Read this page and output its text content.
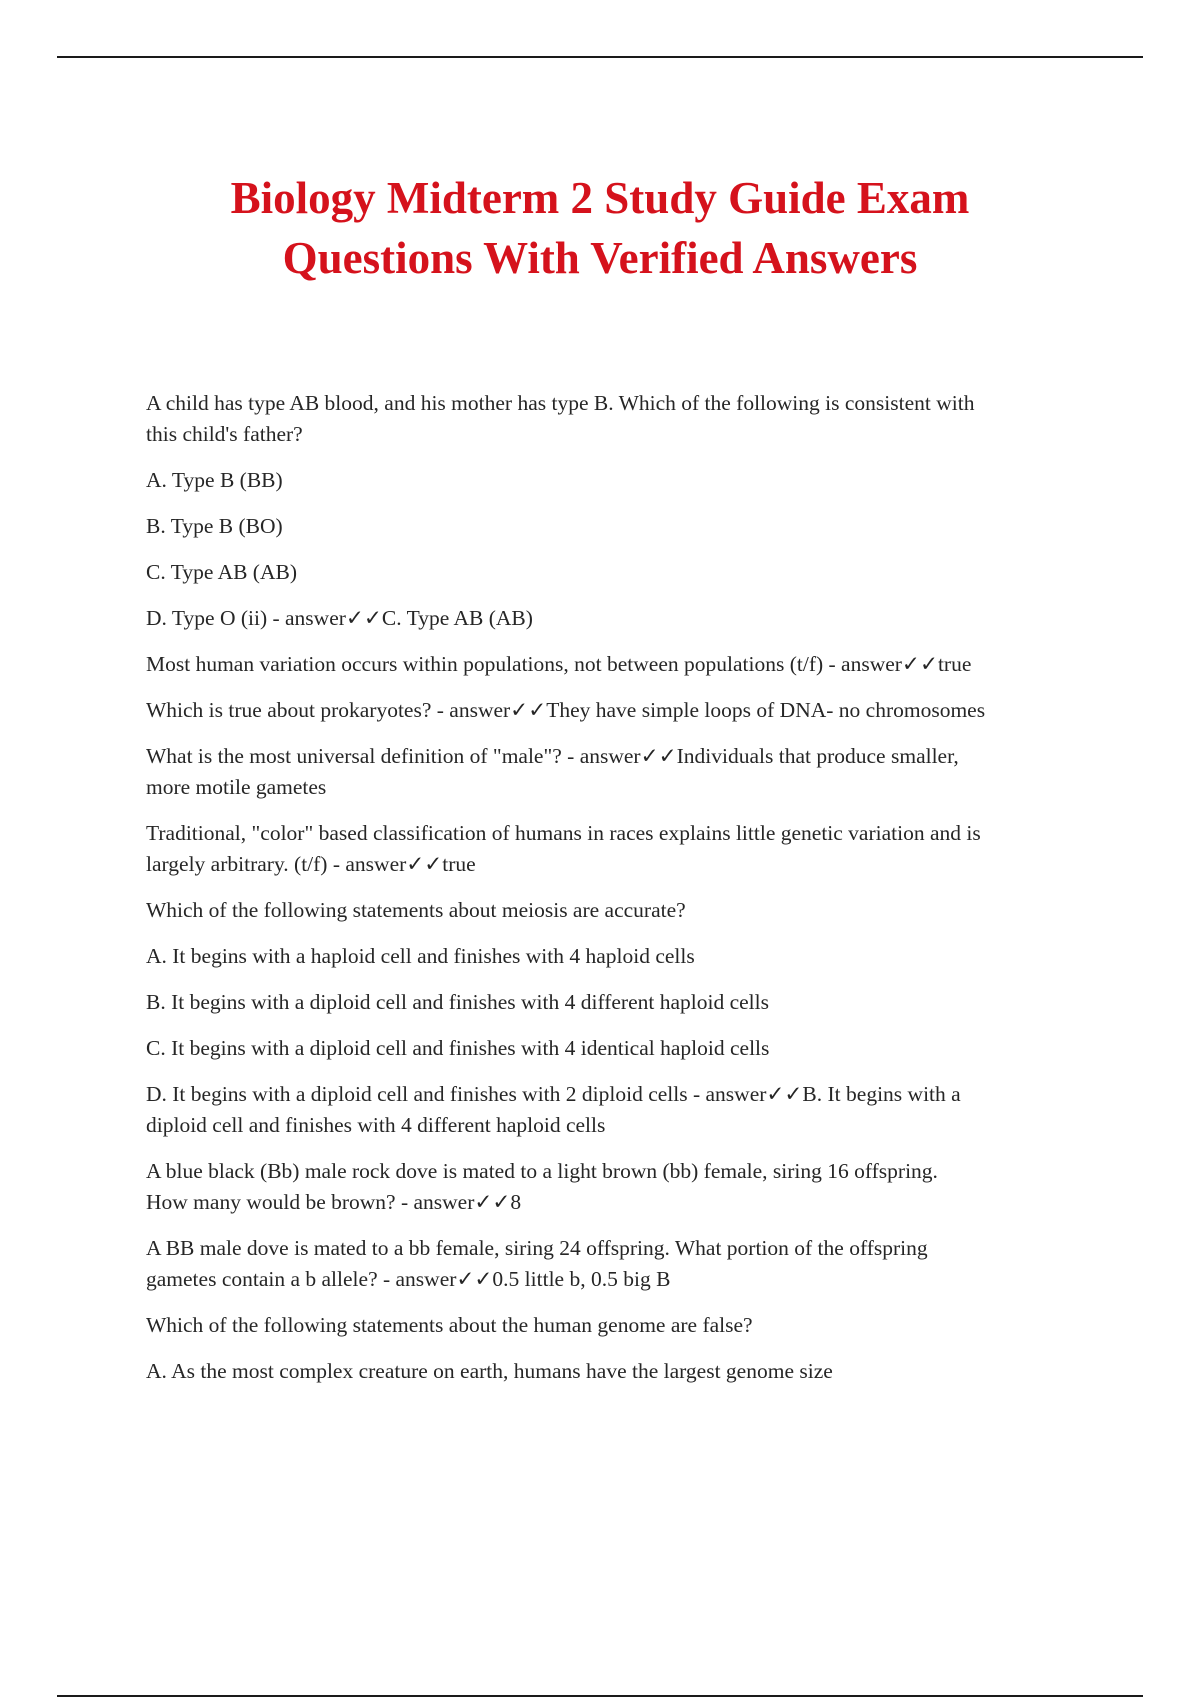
Biology Midterm 2 Study Guide Exam
Questions With Verified Answers
A child has type AB blood, and his mother has type B. Which of the following is consistent with
this child's father?
A. Type B (BB)
B. Type B (BO)
C. Type AB (AB)
D. Type O (ii) - answer✓✓C. Type AB (AB)
Most human variation occurs within populations, not between populations (t/f) - answer✓✓true
Which is true about prokaryotes? - answer✓✓They have simple loops of DNA- no chromosomes
What is the most universal definition of "male"? - answer✓✓Individuals that produce smaller,
more motile gametes
Traditional, "color" based classification of humans in races explains little genetic variation and is
largely arbitrary. (t/f) - answer✓✓true
Which of the following statements about meiosis are accurate?
A. It begins with a haploid cell and finishes with 4 haploid cells
B. It begins with a diploid cell and finishes with 4 different haploid cells
C. It begins with a diploid cell and finishes with 4 identical haploid cells
D. It begins with a diploid cell and finishes with 2 diploid cells - answer✓✓B. It begins with a
diploid cell and finishes with 4 different haploid cells
A blue black (Bb) male rock dove is mated to a light brown (bb) female, siring 16 offspring.
How many would be brown? - answer✓✓8
A BB male dove is mated to a bb female, siring 24 offspring. What portion of the offspring
gametes contain a b allele? - answer✓✓0.5 little b, 0.5 big B
Which of the following statements about the human genome are false?
A. As the most complex creature on earth, humans have the largest genome size
